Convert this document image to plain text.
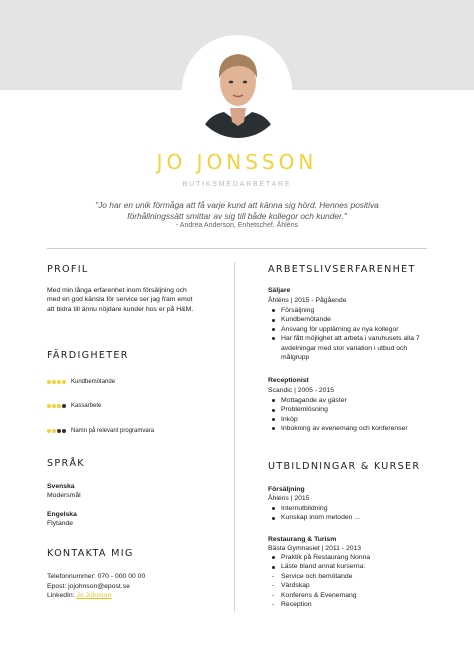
JO JONSSON
BUTIKSMEDARBETARE
"Jo har en unik förmåga att få varje kund att känna sig hörd. Hennes positiva förhållningssätt smittar av sig till både kollegor och kunder."
- Andrea Anderson, Enhetschef, Åhléns
PROFIL
Med min långa erfarenhet inom försäljning och med en god känsla för service ser jag fram emot att bidra till ännu nöjdare kunder hos er på H&M.
FÄRDIGHETER
Kundbemötande
Kassarbete
Namn på relevant programvara
SPRÅK
Svenska
Modersmål
Engelska
Flytande
KONTAKTA MIG
Telefonnummer: 070 - 000 00 00
Epost: jojohnson@epost.se
LinkedIn: Jo Johnson
ARBETSLIVSERFARENHET
Säljare
Åhléns | 2015 - Pågående
Försäljning
Kundbemötande
Ansvarig för upplärning av nya kollegor
Har fått möjlighet att arbeta i varuhusets alla 7 avdelningar med stor variation i utbud och målgrupp
Receptionist
Scandic | 2005 - 2015
Mottagande av gäster
Problemlösning
Inköp
Inbokning av evenemang och konferenser
UTBILDNINGAR & KURSER
Försäljning
Åhléns | 2015
Internutbildning
Kunskap inom metoden ...
Restaurang & Turism
Bästa Gymnasiet | 2011 - 2013
Praktik på Restaurang Nonna
Läste bland annat kurserna:
- Service och bemötande
- Värdskap
- Konferens & Evenemang
- Reception
